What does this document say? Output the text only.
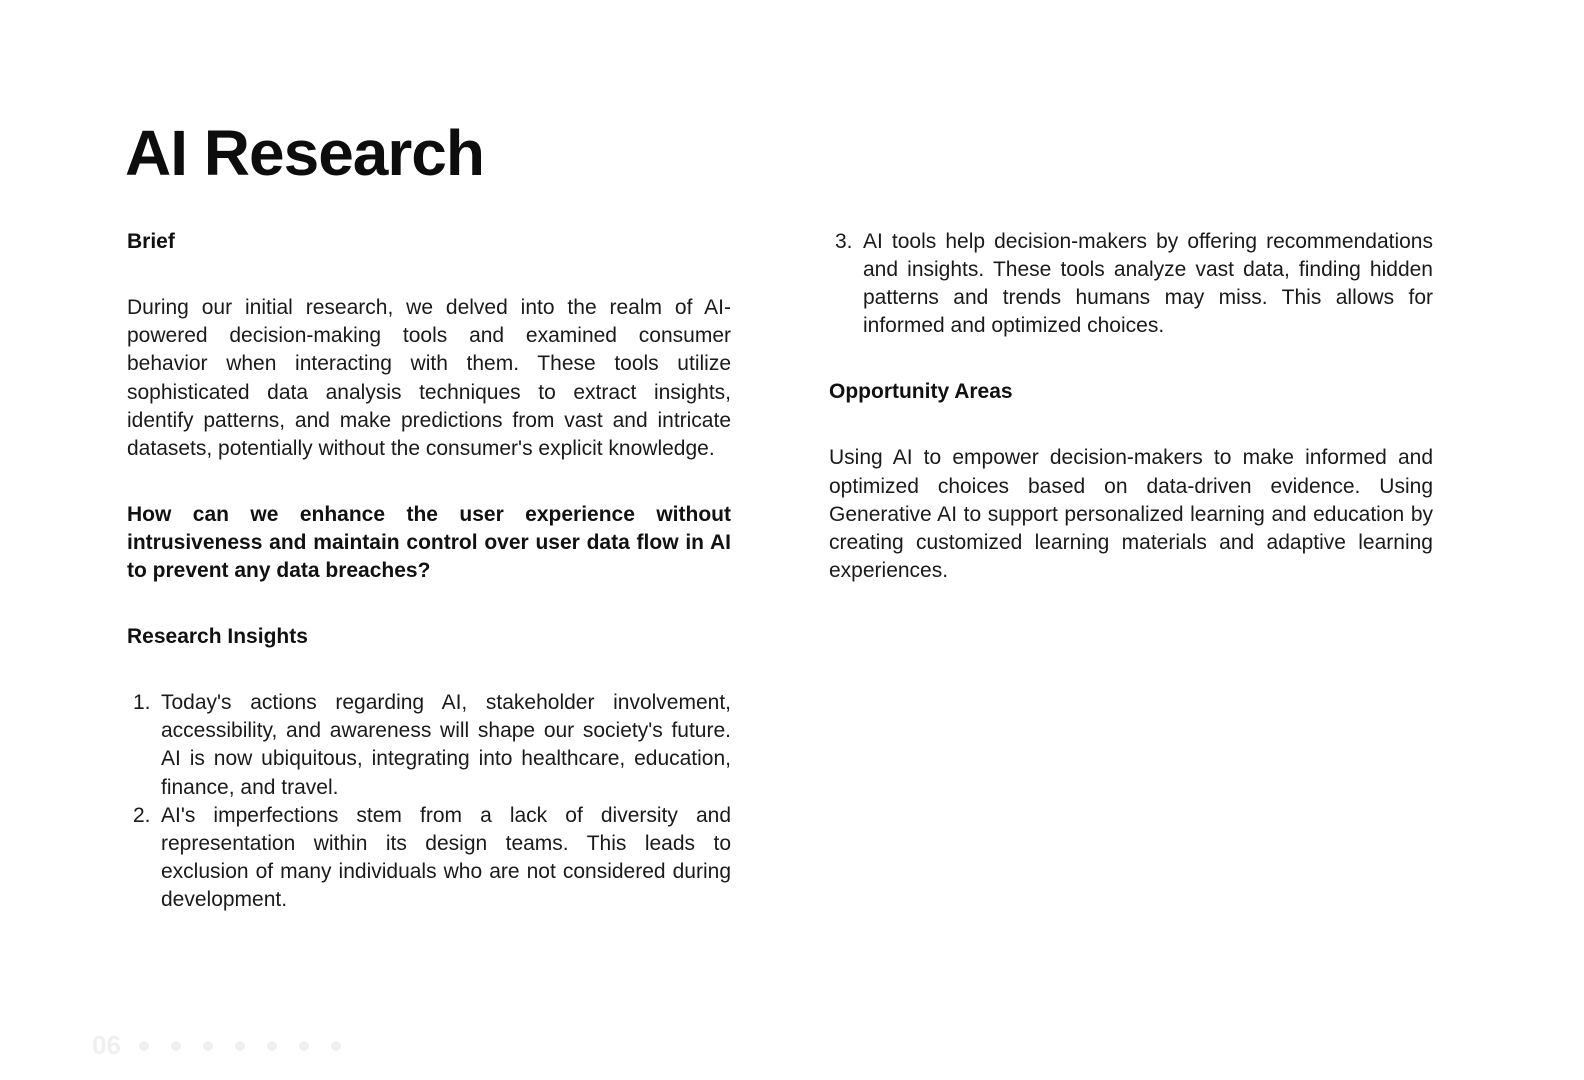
AI Research
Brief

During our initial research, we delved into the realm of AI-powered decision-making tools and examined consumer behavior when interacting with them. These tools utilize sophisticated data analysis techniques to extract insights, identify patterns, and make predictions from vast and intricate datasets, potentially without the consumer's explicit knowledge.

How can we enhance the user experience without intrusiveness and maintain control over user data flow in AI to prevent any data breaches?

Research Insights
1. Today's actions regarding AI, stakeholder involvement, accessibility, and awareness will shape our society's future. AI is now ubiquitous, integrating into healthcare, education, finance, and travel.
2. AI's imperfections stem from a lack of diversity and representation within its design teams. This leads to exclusion of many individuals who are not considered during development.
3. AI tools help decision-makers by offering recommendations and insights. These tools analyze vast data, finding hidden patterns and trends humans may miss. This allows for informed and optimized choices.
Opportunity Areas

Using AI to empower decision-makers to make informed and optimized choices based on data-driven evidence. Using Generative AI to support personalized learning and education by creating customized learning materials and adaptive learning experiences.

06
